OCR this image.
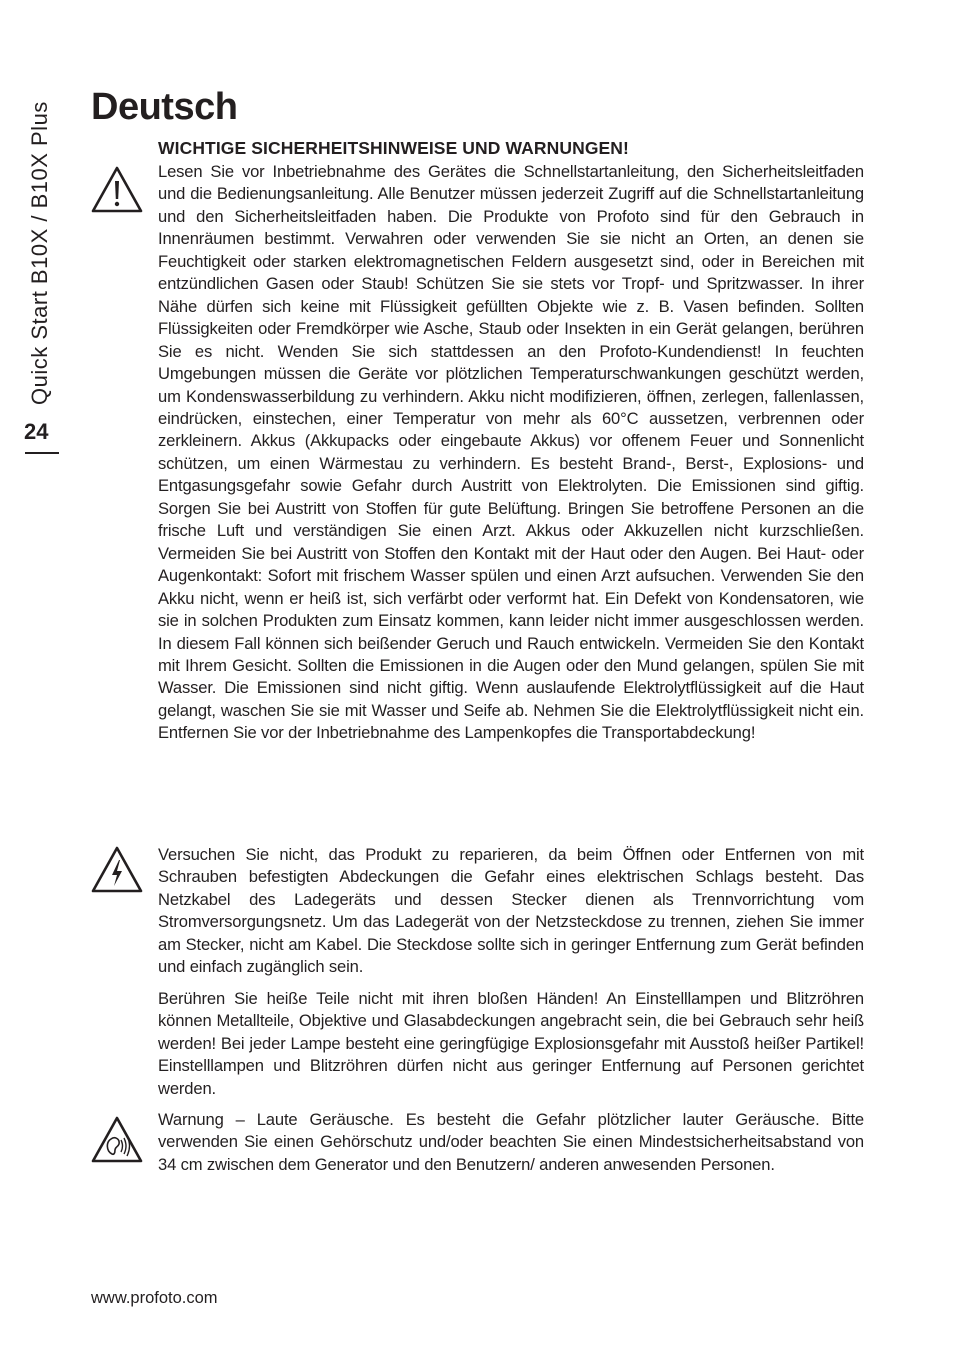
Quick Start B10X / B10X Plus
24
Deutsch
WICHTIGE SICHERHEITSHINWEISE UND WARNUNGEN!

Lesen Sie vor Inbetriebnahme des Gerätes die Schnellstartanleitung, den Sicherheitsleitfaden und die Bedienungsanleitung. Alle Benutzer müssen jederzeit Zugriff auf die Schnellstartanleitung und den Sicherheitsleitfaden haben. Die Produkte von Profoto sind für den Gebrauch in Innenräumen bestimmt. Verwahren oder verwenden Sie sie nicht an Orten, an denen sie Feuchtigkeit oder starken elektromagnetischen Feldern ausgesetzt sind, oder in Bereichen mit entzündlichen Gasen oder Staub! Schützen Sie sie stets vor Tropf- und Spritzwasser. In ihrer Nähe dürfen sich keine mit Flüssigkeit gefüllten Objekte wie z. B. Vasen befinden. Sollten Flüssigkeiten oder Fremdkörper wie Asche, Staub oder Insekten in ein Gerät gelangen, berühren Sie es nicht. Wenden Sie sich stattdessen an den Profoto-Kundendienst! In feuchten Umgebungen müssen die Geräte vor plötzlichen Temperaturschwankungen geschützt werden, um Kondenswasserbildung zu verhindern. Akku nicht modifizieren, öffnen, zerlegen, fallenlassen, eindrücken, einstechen, einer Temperatur von mehr als 60°C aussetzen, verbrennen oder zerkleinern. Akkus (Akkupacks oder eingebaute Akkus) vor offenem Feuer und Sonnenlicht schützen, um einen Wärmestau zu verhindern. Es besteht Brand-, Berst-, Explosions- und Entgasungsgefahr sowie Gefahr durch Austritt von Elektrolyten. Die Emissionen sind giftig. Sorgen Sie bei Austritt von Stoffen für gute Belüftung. Bringen Sie betroffene Personen an die frische Luft und verständigen Sie einen Arzt. Akkus oder Akkuzellen nicht kurzschließen. Vermeiden Sie bei Austritt von Stoffen den Kontakt mit der Haut oder den Augen. Bei Haut- oder Augenkontakt: Sofort mit frischem Wasser spülen und einen Arzt aufsuchen. Verwenden Sie den Akku nicht, wenn er heiß ist, sich verfärbt oder verformt hat. Ein Defekt von Kondensatoren, wie sie in solchen Produkten zum Einsatz kommen, kann leider nicht immer ausgeschlossen werden. In diesem Fall können sich beißender Geruch und Rauch entwickeln. Vermeiden Sie den Kontakt mit Ihrem Gesicht. Sollten die Emissionen in die Augen oder den Mund gelangen, spülen Sie mit Wasser. Die Emissionen sind nicht giftig. Wenn auslaufende Elektrolytflüssigkeit auf die Haut gelangt, waschen Sie sie mit Wasser und Seife ab. Nehmen Sie die Elektrolytflüssigkeit nicht ein. Entfernen Sie vor der Inbetriebnahme des Lampenkopfes die Transportabdeckung!

Versuchen Sie nicht, das Produkt zu reparieren, da beim Öffnen oder Entfernen von mit Schrauben befestigten Abdeckungen die Gefahr eines elektrischen Schlags besteht. Das Netzkabel des Ladegeräts und dessen Stecker dienen als Trennvorrichtung vom Stromversorgungsnetz. Um das Ladegerät von der Netzsteckdose zu trennen, ziehen Sie immer am Stecker, nicht am Kabel. Die Steckdose sollte sich in geringer Entfernung zum Gerät befinden und einfach zugänglich sein.

Berühren Sie heiße Teile nicht mit ihren bloßen Händen! An Einstelllampen und Blitzröhren können Metallteile, Objektive und Glasabdeckungen angebracht sein, die bei Gebrauch sehr heiß werden! Bei jeder Lampe besteht eine geringfügige Explosionsgefahr mit Ausstoß heißer Partikel! Einstelllampen und Blitzröhren dürfen nicht aus geringer Entfernung auf Personen gerichtet werden.

Warnung – Laute Geräusche. Es besteht die Gefahr plötzlicher lauter Geräusche. Bitte verwenden Sie einen Gehörschutz und/oder beachten Sie einen Mindestsicherheitsabstand von 34 cm zwischen dem Generator und den Benutzern/ anderen anwesenden Personen.

www.profoto.com
